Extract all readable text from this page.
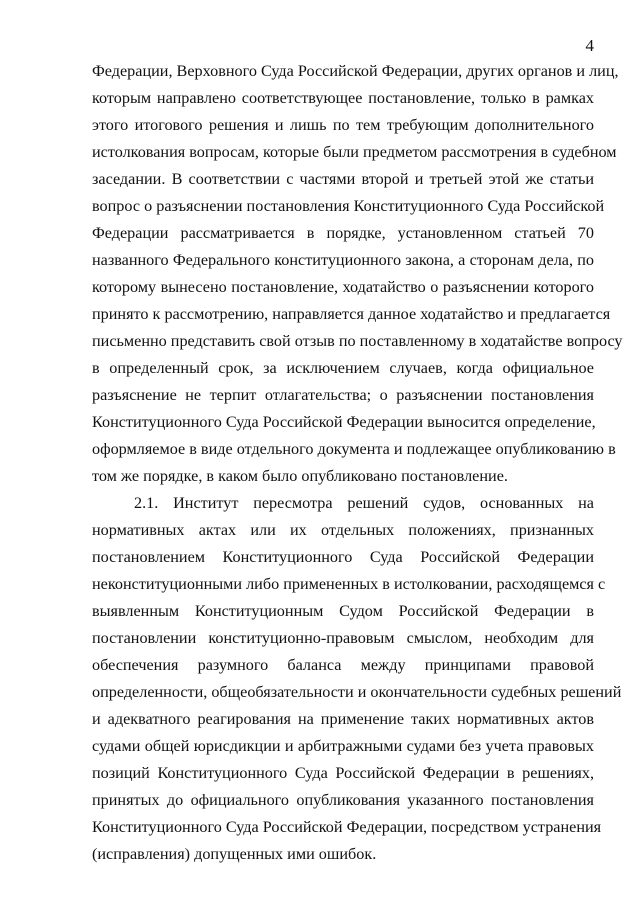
4
Федерации, Верховного Суда Российской Федерации, других органов и лиц,
которым направлено соответствующее постановление, только в рамках
этого итогового решения и лишь по тем требующим дополнительного
истолкования вопросам, которые были предметом рассмотрения в судебном
заседании. В соответствии с частями второй и третьей этой же статьи
вопрос о разъяснении постановления Конституционного Суда Российской
Федерации рассматривается в порядке, установленном статьей 70
названного Федерального конституционного закона, а сторонам дела, по
которому вынесено постановление, ходатайство о разъяснении которого
принято к рассмотрению, направляется данное ходатайство и предлагается
письменно представить свой отзыв по поставленному в ходатайстве вопросу
в определенный срок, за исключением случаев, когда официальное
разъяснение не терпит отлагательства; о разъяснении постановления
Конституционного Суда Российской Федерации выносится определение,
оформляемое в виде отдельного документа и подлежащее опубликованию в
том же порядке, в каком было опубликовано постановление.
2.1. Институт пересмотра решений судов, основанных на
нормативных актах или их отдельных положениях, признанных
постановлением Конституционного Суда Российской Федерации
неконституционными либо примененных в истолковании, расходящемся с
выявленным Конституционным Судом Российской Федерации в
постановлении конституционно-правовым смыслом, необходим для
обеспечения разумного баланса между принципами правовой
определенности, общеобязательности и окончательности судебных решений
и адекватного реагирования на применение таких нормативных актов
судами общей юрисдикции и арбитражными судами без учета правовых
позиций Конституционного Суда Российской Федерации в решениях,
принятых до официального опубликования указанного постановления
Конституционного Суда Российской Федерации, посредством устранения
(исправления) допущенных ими ошибок.
